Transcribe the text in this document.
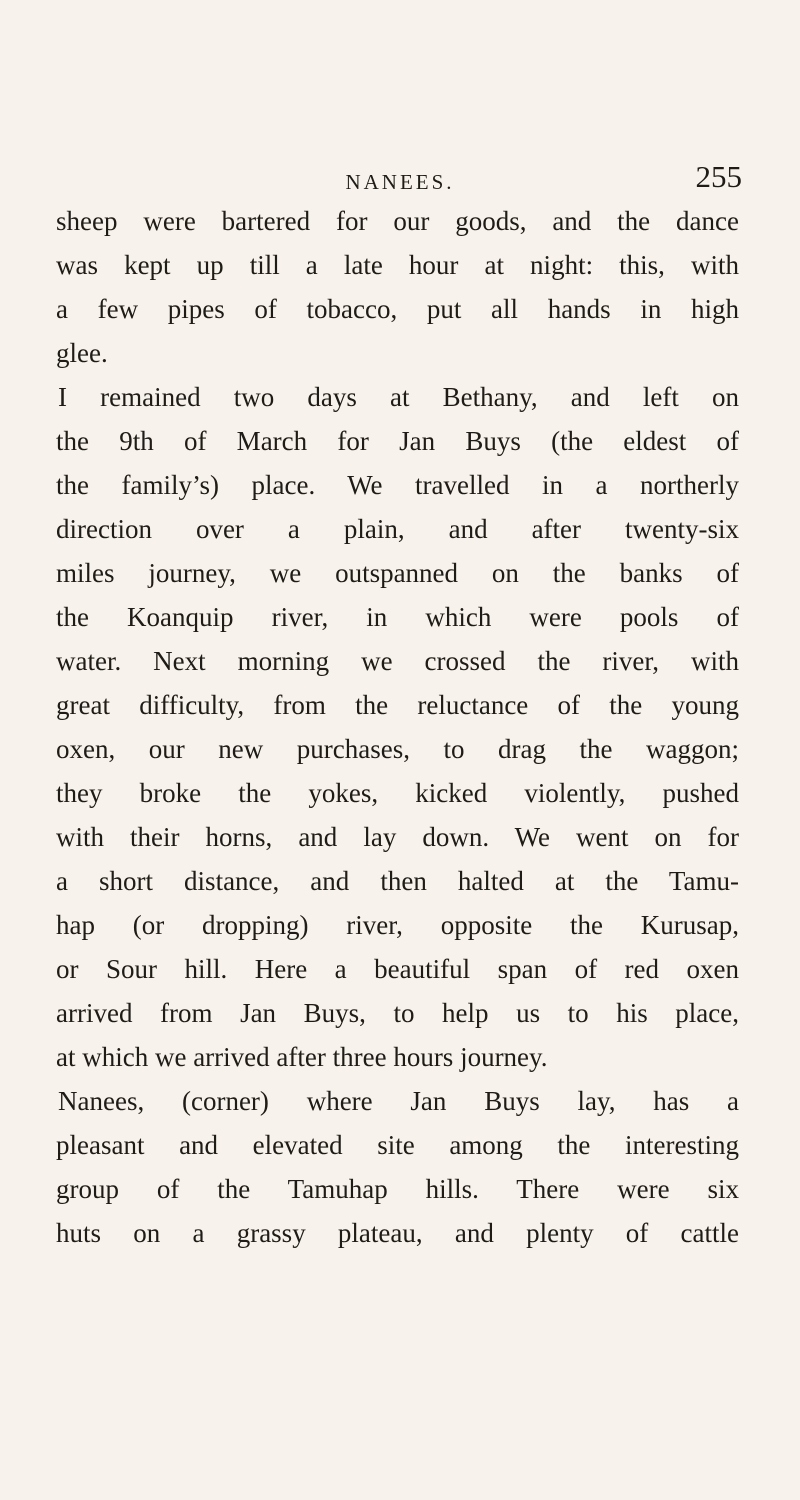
NANEES.	255
sheep were bartered for our goods, and the dance
was kept up till a late hour at night: this, with
a few pipes of tobacco, put all hands in high
glee.
I remained two days at Bethany, and left on
the 9th of March for Jan Buys (the eldest of
the family’s) place. We travelled in a northerly
direction over a plain, and after twenty-six
miles journey, we outspanned on the banks of
the Koanquip river, in which were pools of
water. Next morning we crossed the river, with
great difficulty, from the reluctance of the young
oxen, our new purchases, to drag the waggon;
they broke the yokes, kicked violently, pushed
with their horns, and lay down. We went on for
a short distance, and then halted at the Tamu-
hap (or dropping) river, opposite the Kurusap,
or Sour hill. Here a beautiful span of red oxen
arrived from Jan Buys, to help us to his place,
at which we arrived after three hours journey.
Nanees, (corner) where Jan Buys lay, has a
pleasant and elevated site among the interesting
group of the Tamuhap hills. There were six
huts on a grassy plateau, and plenty of cattle
